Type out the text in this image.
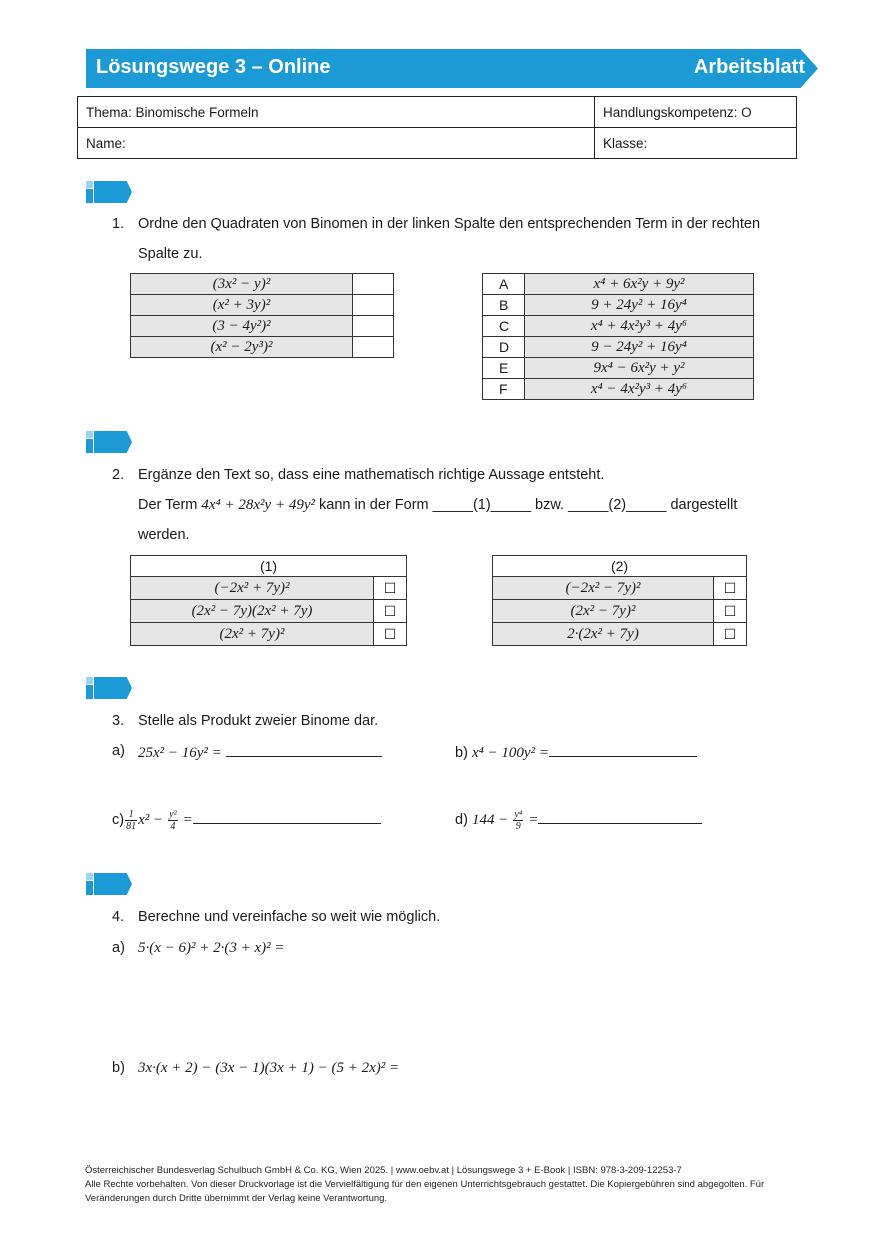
Lösungswege 3 – Online	Arbeitsblatt
Thema: Binomische Formeln	Handlungskompetenz: O
Name:	Klasse:
1. Ordne den Quadraten von Binomen in der linken Spalte den entsprechenden Term in der rechten
Spalte zu.
(3x² − y)²	
(x² + 3y)²	
(3 − 4y²)²	
(x² − 2y³)²	
A	x⁴ + 6x²y + 9y²
B	9 + 24y² + 16y⁴
C	x⁴ + 4x²y³ + 4y⁶
D	9 − 24y² + 16y⁴
E	9x⁴ − 6x²y + y²
F	x⁴ − 4x²y³ + 4y⁶
2. Ergänze den Text so, dass eine mathematisch richtige Aussage entsteht.
Der Term 4x⁴ + 28x²y + 49y² kann in der Form _____(1)_____ bzw. _____(2)_____ dargestellt
werden.
(1)	
(−2x² + 7y)²	☐
(2x² − 7y)(2x² + 7y)	☐
(2x² + 7y)²	☐
(2)	
(−2x² − 7y)²	☐
(2x² − 7y)²	☐
2·(2x² + 7y)	☐
3. Stelle als Produkt zweier Binome dar.
a) 25x² − 16y² =	b) x⁴ − 100y² =
$c) \frac{1}{81} x^2 - \frac{\text{y²}}{4}$ =	d) $144 - \frac{\text{y⁴}}{9}$ =
4. Berechne und vereinfache so weit wie möglich.
a) 5·(x − 6)² + 2·(3 + x)² =
b) 3x·(x + 2) − (3x − 1)(3x + 1) − (5 + 2x)² =
Österreichischer Bundesverlag Schulbuch GmbH & Co. KG, Wien 2025. | www.oebv.at | Lösungswege 3 + E-Book | ISBN: 978-3-209-12253-7
Alle Rechte vorbehalten. Von dieser Druckvorlage ist die Vervielfältigung für den eigenen Unterrichtsgebrauch gestattet. Die Kopiergebühren sind abgegolten. Für
Veränderungen durch Dritte übernimmt der Verlag keine Verantwortung.
